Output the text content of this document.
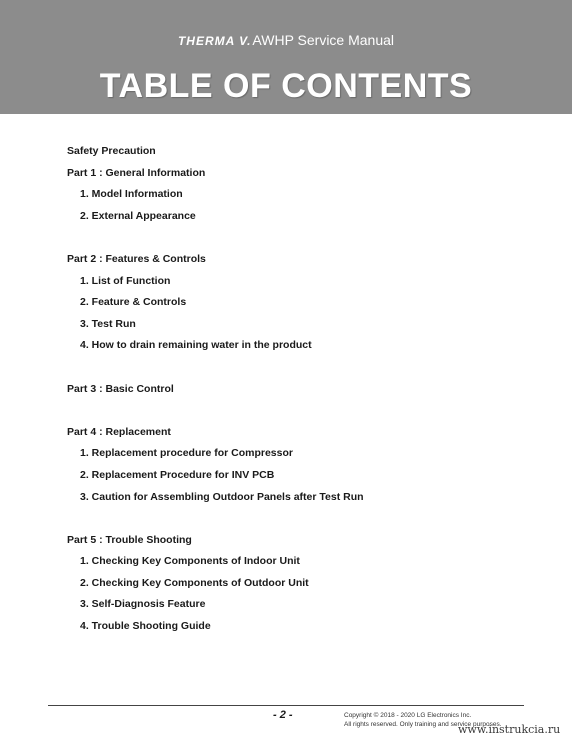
THERMA V.AWHP Service Manual
TABLE OF CONTENTS
Safety Precaution
Part 1 : General Information
1. Model Information
2. External Appearance
Part 2 : Features & Controls
1. List of Function
2. Feature & Controls
3. Test Run
4. How to drain remaining water in the product
Part 3 : Basic Control
Part 4 : Replacement
1. Replacement procedure for Compressor
2. Replacement Procedure for INV PCB
3. Caution for Assembling Outdoor Panels after Test Run
Part 5 : Trouble Shooting
1. Checking Key Components of Indoor Unit
2. Checking Key Components of Outdoor Unit
3. Self-Diagnosis Feature
4. Trouble Shooting Guide
- 2 -	Copyright © 2018 - 2020 LG Electronics Inc.
All rights reserved. Only training and service purposes.
www.instrukcia.ru
